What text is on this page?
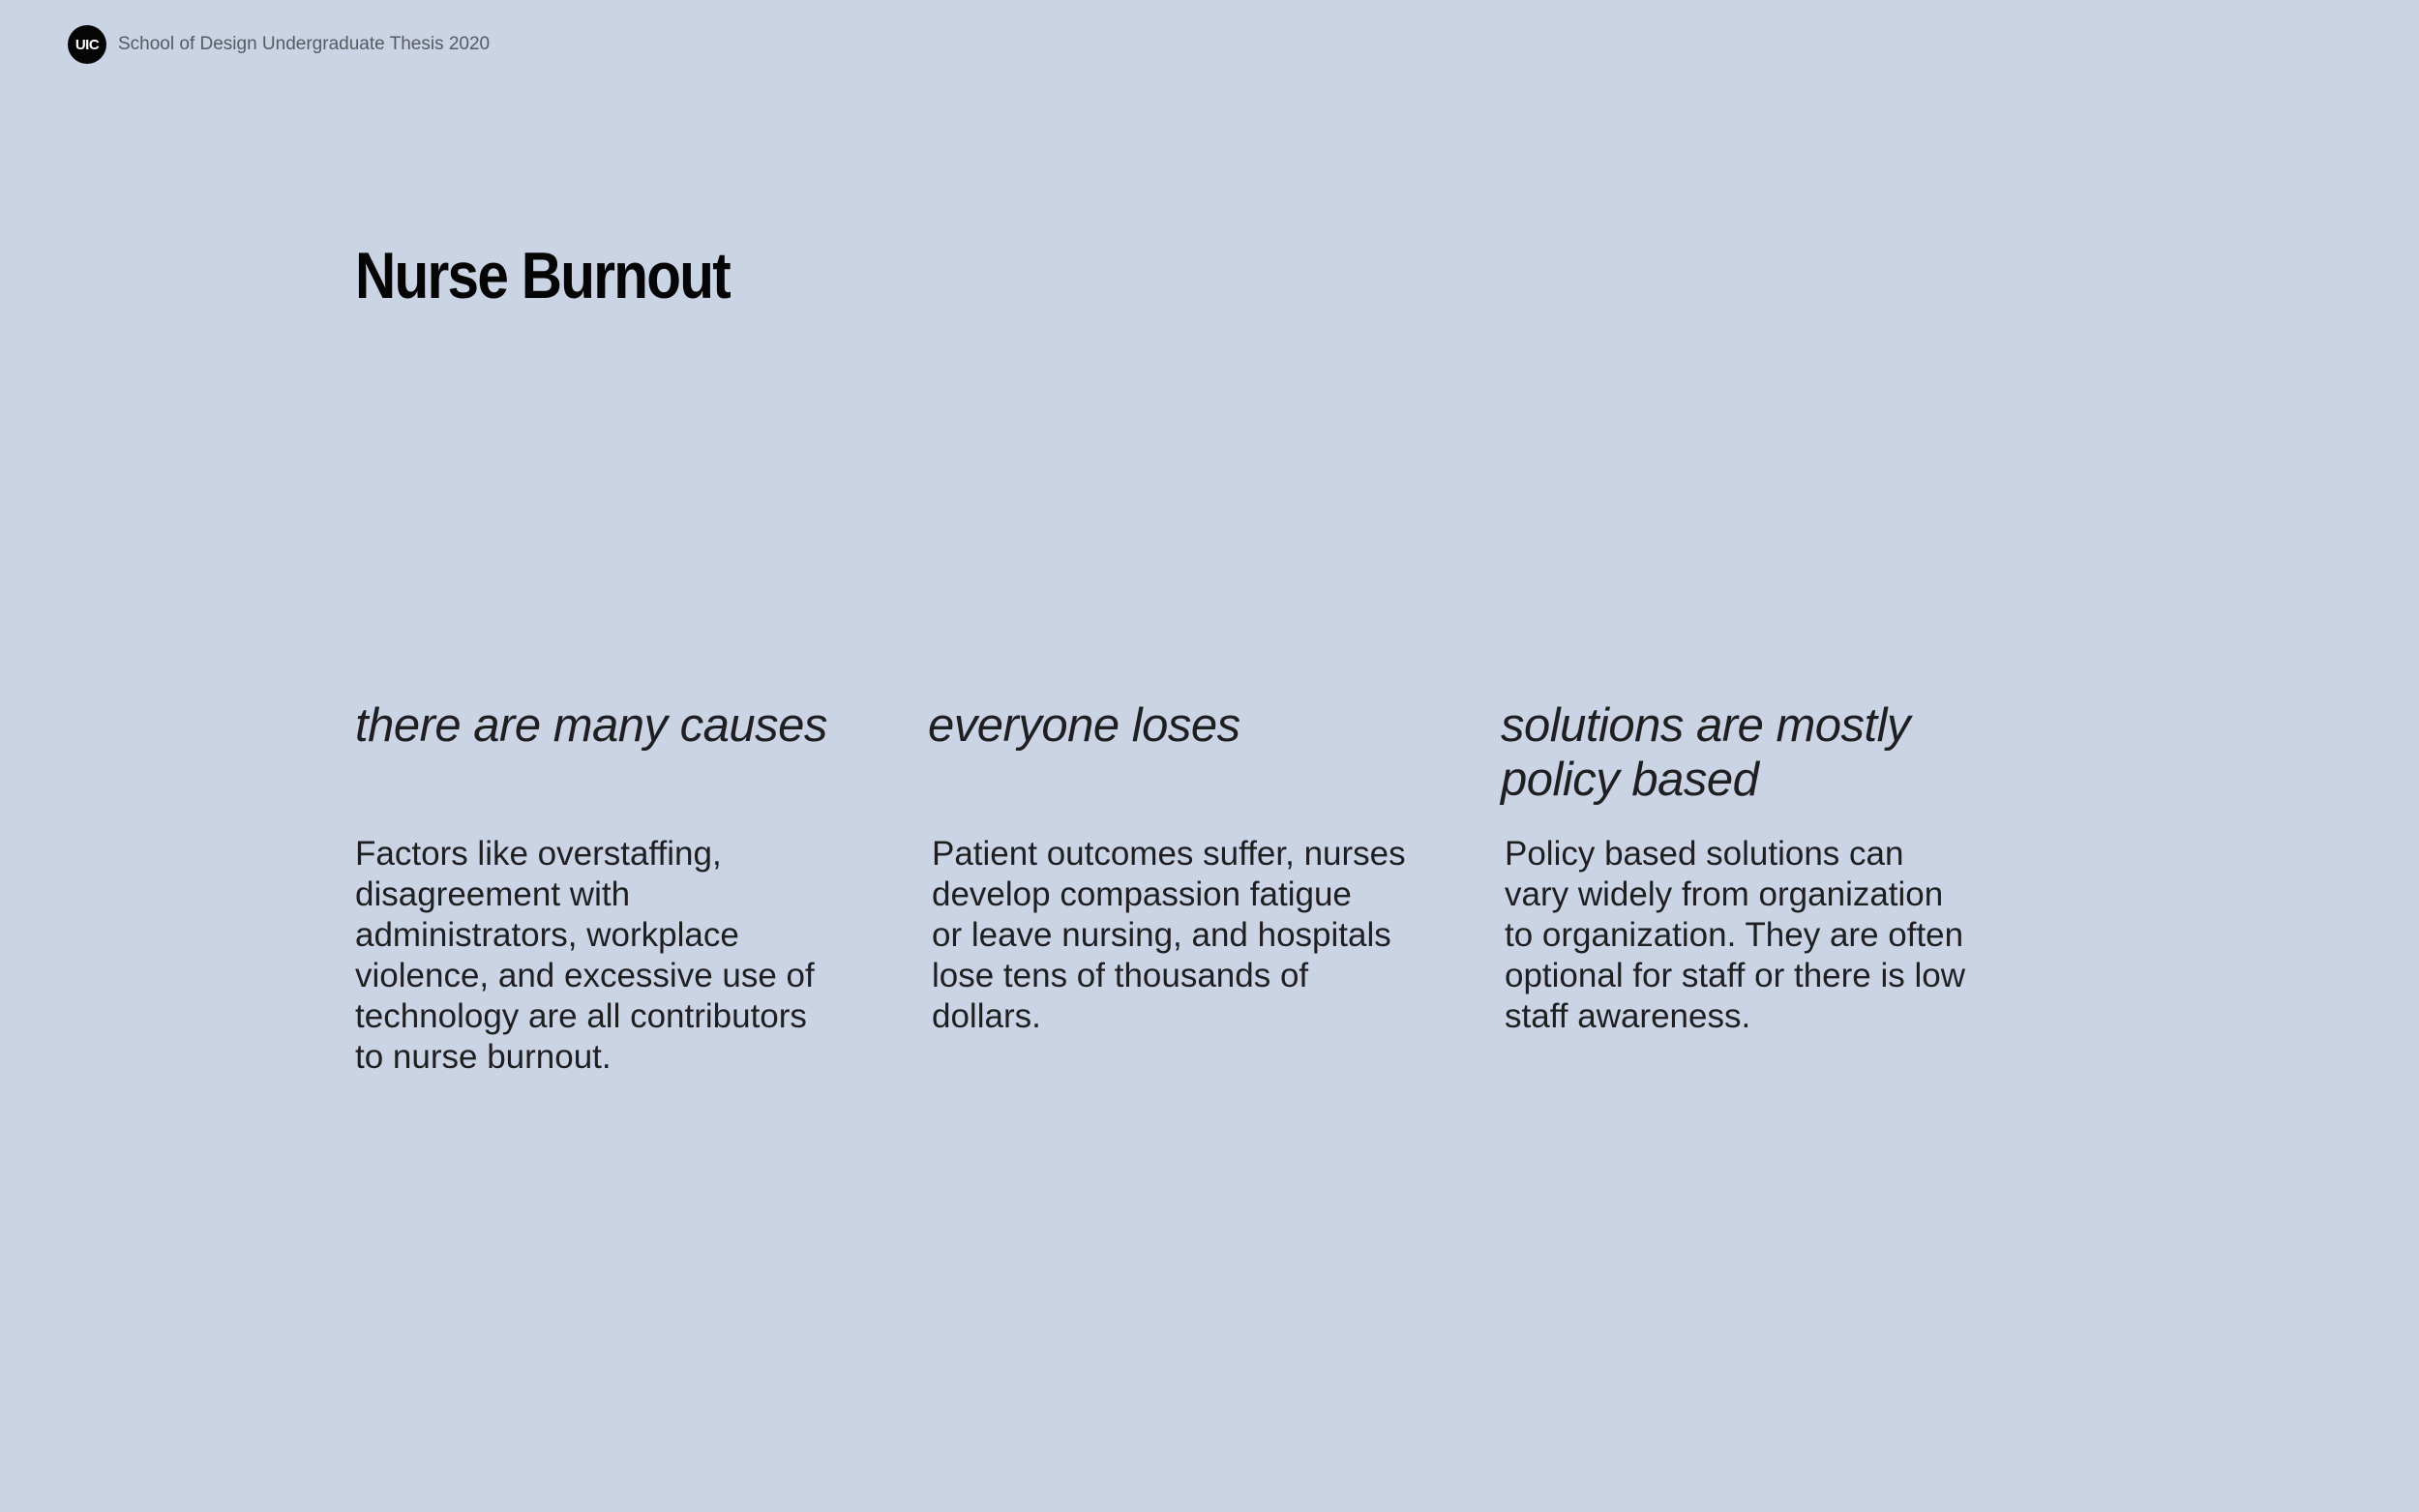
UIC School of Design Undergraduate Thesis 2020
Nurse Burnout
there are many causes

Factors like overstaffing,
disagreement with
administrators, workplace
violence, and excessive use of
technology are all contributors
to nurse burnout.

everyone loses

Patient outcomes suffer, nurses
develop compassion fatigue
or leave nursing, and hospitals
lose tens of thousands of
dollars.

solutions are mostly
policy based

Policy based solutions can
vary widely from organization
to organization. They are often
optional for staff or there is low
staff awareness.
